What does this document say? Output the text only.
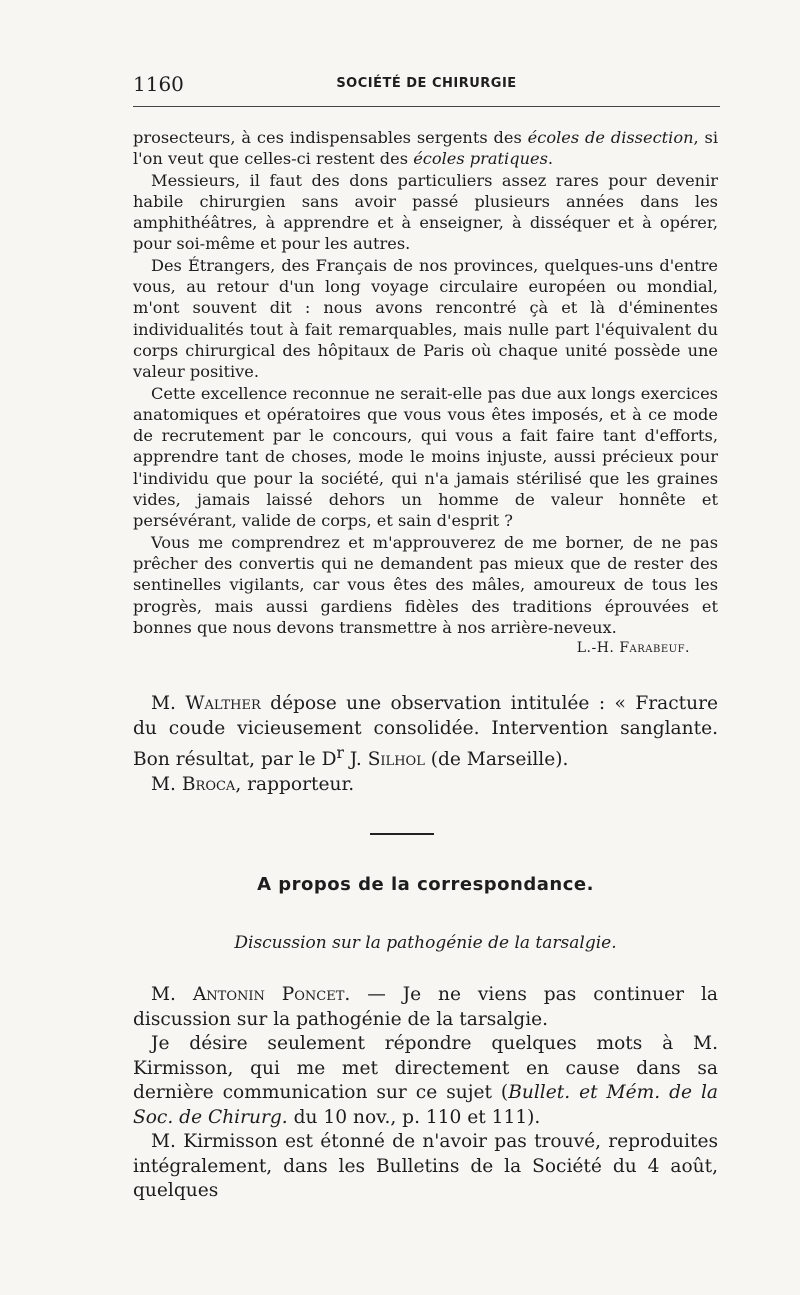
1160	SOCIÉTÉ DE CHIRURGIE

prosecteurs, à ces indispensables sergents des écoles de dissection, si l'on veut que celles-ci restent des écoles pratiques.

Messieurs, il faut des dons particuliers assez rares pour devenir habile chirurgien sans avoir passé plusieurs années dans les amphithéâtres, à apprendre et à enseigner, à disséquer et à opérer, pour soi-même et pour les autres.

Des Étrangers, des Français de nos provinces, quelques-uns d'entre vous, au retour d'un long voyage circulaire européen ou mondial, m'ont souvent dit : nous avons rencontré çà et là d'éminentes individualités tout à fait remarquables, mais nulle part l'équivalent du corps chirurgical des hôpitaux de Paris où chaque unité possède une valeur positive.

Cette excellence reconnue ne serait-elle pas due aux longs exercices anatomiques et opératoires que vous vous êtes imposés, et à ce mode de recrutement par le concours, qui vous a fait faire tant d'efforts, apprendre tant de choses, mode le moins injuste, aussi précieux pour l'individu que pour la société, qui n'a jamais stérilisé que les graines vides, jamais laissé dehors un homme de valeur honnête et persévérant, valide de corps, et sain d'esprit ?

Vous me comprendrez et m'approuverez de me borner, de ne pas prêcher des convertis qui ne demandent pas mieux que de rester des sentinelles vigilants, car vous êtes des mâles, amoureux de tous les progrès, mais aussi gardiens fidèles des traditions éprouvées et bonnes que nous devons transmettre à nos arrière-neveux.

L.-H. Farabeuf.

M. Walther dépose une observation intitulée : « Fracture du coude vicieusement consolidée. Intervention sanglante. Bon résultat, par le $D^r$ J. Silhol (de Marseille).

M. Broca, rapporteur.

A propos de la correspondance.
Discussion sur la pathogénie de la tarsalgie.

M. Antonin Poncet. — Je ne viens pas continuer la discussion sur la pathogénie de la tarsalgie.

Je désire seulement répondre quelques mots à M. Kirmisson, qui me met directement en cause dans sa dernière communication sur ce sujet (Bullet. et Mém. de la Soc. de Chirurg. du 10 nov., p. 110 et 111).

M. Kirmisson est étonné de n'avoir pas trouvé, reproduites intégralement, dans les Bulletins de la Société du 4 août, quelques
